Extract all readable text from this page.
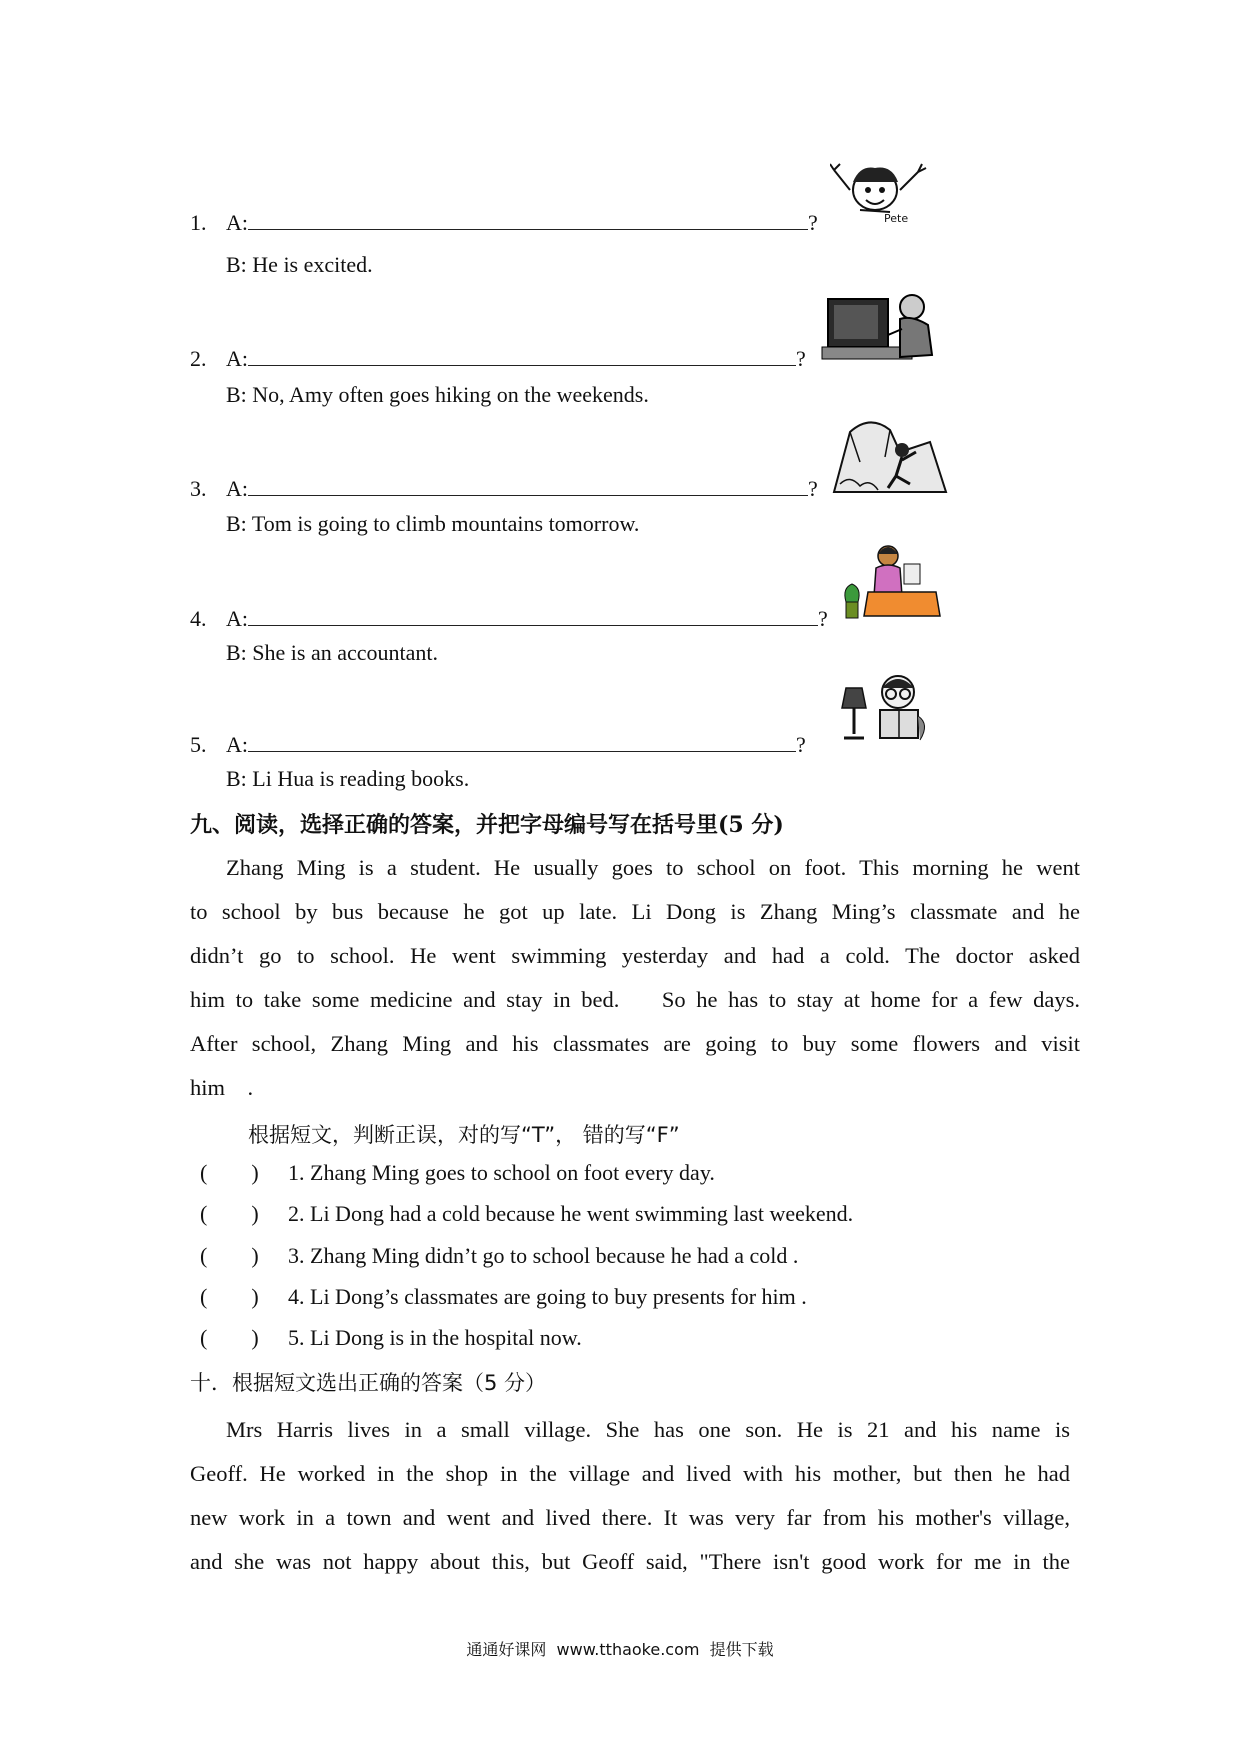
1. A:	?
B: He is excited.
Pete
2. A:	?
B: No, Amy often goes hiking on the weekends.
3. A:	?
B: Tom is going to climb mountains tomorrow.
4. A:	?
B: She is an accountant.
5. A:	?
B: Li Hua is reading books.
九、阅读，选择正确的答案，并把字母编号写在括号里(5 分)
Zhang Ming is a student. He usually goes to school on foot. This morning he went
to school by bus because he got up late. Li Dong is Zhang Ming’s classmate and he
didn’t go to school. He went swimming yesterday and had a cold. The doctor asked
him to take some medicine and stay in bed.    So he has to stay at home for a few days.
After school, Zhang Ming and his classmates are going to buy some flowers and visit
him    .
根据短文，判断正误，对的写“T”， 错的写“F”
(        ) 1. Zhang Ming goes to school on foot every day.
(        ) 2. Li Dong had a cold because he went swimming last weekend.
(        ) 3. Zhang Ming didn’t go to school because he had a cold .
(        ) 4. Li Dong’s classmates are going to buy presents for him .
(        ) 5. Li Dong is in the hospital now.
十．根据短文选出正确的答案（5 分）
Mrs Harris lives in a small village. She has one son. He is 21 and his name is
Geoff. He worked in the shop in the village and lived with his mother, but then he had
new work in a town and went and lived there. It was very far from his mother's village,
and she was not happy about this, but Geoff said, "There isn't good work for me in the
通通好课网  www.tthaoke.com  提供下载
